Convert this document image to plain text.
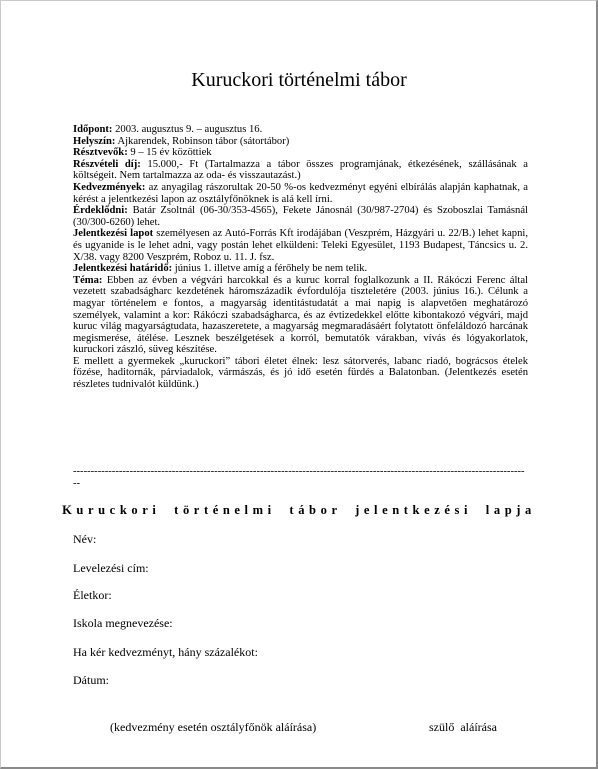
Kuruckori történelmi tábor

Időpont: 2003. augusztus 9. – augusztus 16.

Helyszín: Ajkarendek, Robinson tábor (sátortábor)

Résztvevők: 9 – 15 év közöttiek

Részvételi díj: 15.000,- Ft (Tartalmazza a tábor összes programjának, étkezésének, szállásának a költségeit. Nem tartalmazza az oda- és visszautazást.)

Kedvezmények: az anyagilag rászorultak 20-50 %-os kedvezményt egyéni elbírálás alapján kaphatnak, a kérést a jelentkezési lapon az osztályfőnöknek is alá kell írni.

Érdeklődni: Batár Zsoltnál (06-30/353-4565), Fekete Jánosnál (30/987-2704) és Szoboszlai Tamásnál (30/300-6260) lehet.

Jelentkezési lapot személyesen az Autó-Forrás Kft irodájában (Veszprém, Házgyári u. 22/B.) lehet kapni, és ugyanide is le lehet adni, vagy postán lehet elküldeni: Teleki Egyesület, 1193 Budapest, Táncsics u. 2. X/38. vagy 8200 Veszprém, Roboz u. 11. J. fsz.

Jelentkezési határidő: június 1. illetve amíg a férőhely be nem telik.

Téma: Ebben az évben a végvári harcokkal és a kuruc korral foglalkozunk a II. Rákóczi Ferenc által vezetett szabadságharc kezdetének háromszázadik évfordulója tiszteletére (2003. június 16.). Célunk a magyar történelem e fontos, a magyarság identitástudatát a mai napig is alapvetően meghatározó személyek, valamint a kor: Rákóczi szabadságharca, és az évtizedekkel előtte kibontakozó végvári, majd kuruc világ magyarságtudata, hazaszeretete, a magyarság megmaradásáért folytatott önfeláldozó harcának megismerése, átélése. Lesznek beszélgetések a korról, bemutatók várakban, vívás és lógyakorlatok, kuruckori zászló, süveg készítése.

E mellett a gyermekek „kuruckori” tábori életet élnek: lesz sátorverés, labanc riadó, bográcsos ételek főzése, haditornák, párviadalok, vármászás, és jó idő esetén fürdés a Balatonban. (Jelentkezés esetén részletes tudnivalót küldünk.)

----------------------------------------------------------------------------------------------------------------------------------
Kuruckori történelmi tábor jelentkezési lapja
Név:
Levelezési cím:
Életkor:
Iskola megnevezése:
Ha kér kedvezményt, hány százalékot:
Dátum:
(kedvezmény esetén osztályfőnök aláírása)	szülő aláírása
